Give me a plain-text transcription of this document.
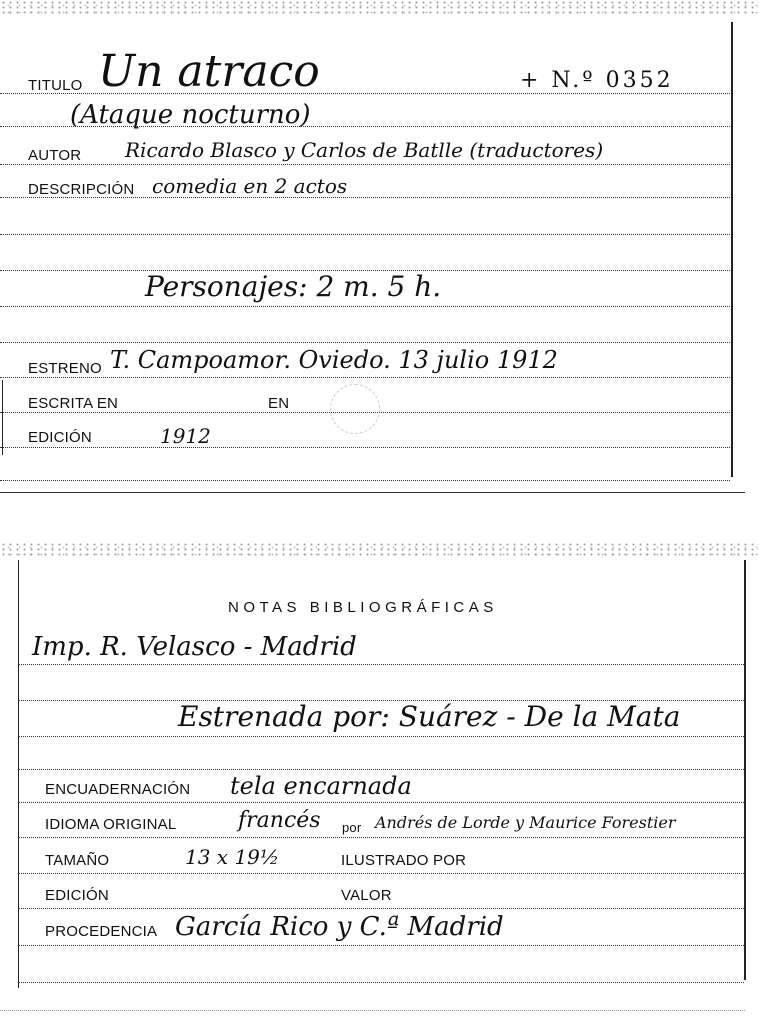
TITULO Un atraco
(Ataque nocturno)
+ N.º 0352
AUTOR Ricardo Blasco y Carlos de Batlle (traductores)
DESCRIPCIÓN comedia en 2 actos
Personajes: 2 m. 5 h.
ESTRENO T. Campoamor. Oviedo. 13 julio 1912
ESCRITA EN	EN
EDICIÓN	1912
NOTAS BIBLIOGRÁFICAS
Imp. R. Velasco - Madrid
Estrenada por: Suárez - De la Mata
ENCUADERNACIÓN tela encarnada
IDIOMA ORIGINAL	francés por Andrés de Lorde y Maurice Forestier
TAMAÑO	13 x 19½	ILUSTRADO POR
EDICIÓN	VALOR
PROCEDENCIA García Rico y C.ª Madrid
